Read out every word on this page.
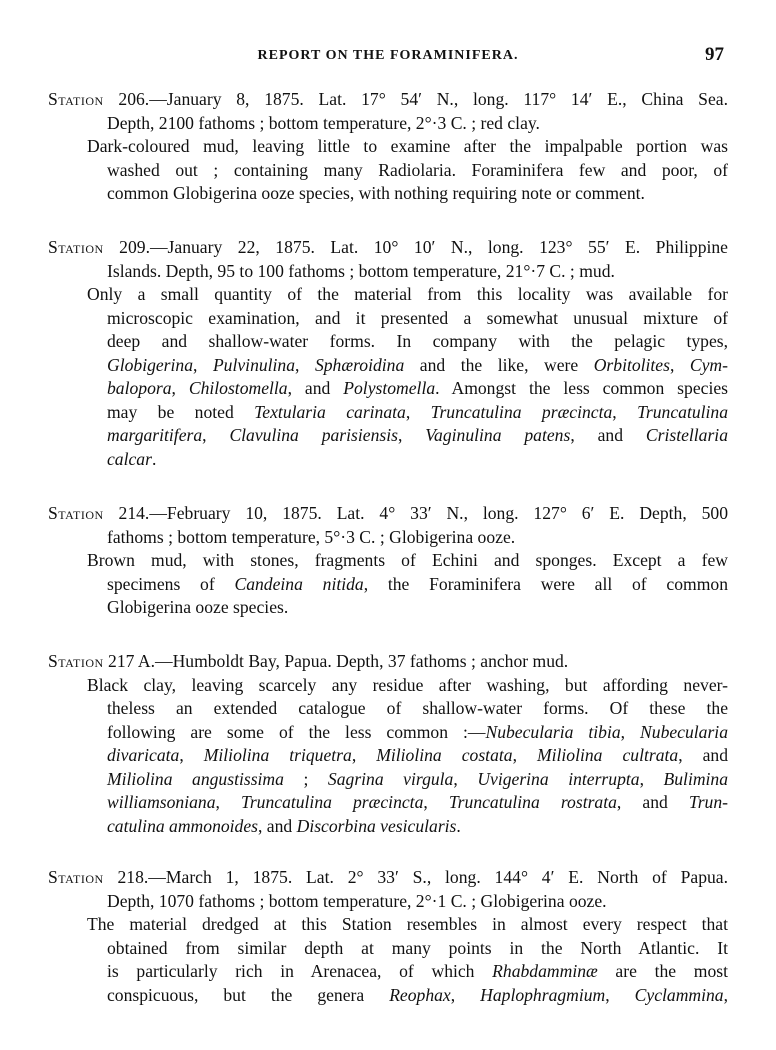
REPORT ON THE FORAMINIFERA.	97
Station 206.—January 8, 1875. Lat. 17° 54′ N., long. 117° 14′ E., China Sea.
Depth, 2100 fathoms ; bottom temperature, 2°·3 C. ; red clay.
Dark-coloured mud, leaving little to examine after the impalpable portion was
washed out ; containing many Radiolaria. Foraminifera few and poor, of
common Globigerina ooze species, with nothing requiring note or comment.
Station 209.—January 22, 1875. Lat. 10° 10′ N., long. 123° 55′ E. Philippine
Islands. Depth, 95 to 100 fathoms ; bottom temperature, 21°·7 C. ; mud.
Only a small quantity of the material from this locality was available for
microscopic examination, and it presented a somewhat unusual mixture of
deep and shallow-water forms. In company with the pelagic types,
Globigerina, Pulvinulina, Sphæroidina and the like, were Orbitolites, Cym-
balopora, Chilostomella, and Polystomella. Amongst the less common species
may be noted Textularia carinata, Truncatulina præcincta, Truncatulina
margaritifera, Clavulina parisiensis, Vaginulina patens, and Cristellaria
calcar.
Station 214.—February 10, 1875. Lat. 4° 33′ N., long. 127° 6′ E. Depth, 500
fathoms ; bottom temperature, 5°·3 C. ; Globigerina ooze.
Brown mud, with stones, fragments of Echini and sponges. Except a few
specimens of Candeina nitida, the Foraminifera were all of common
Globigerina ooze species.
Station 217 A.—Humboldt Bay, Papua. Depth, 37 fathoms ; anchor mud.
Black clay, leaving scarcely any residue after washing, but affording never-
theless an extended catalogue of shallow-water forms. Of these the
following are some of the less common :—Nubecularia tibia, Nubecularia
divaricata, Miliolina triquetra, Miliolina costata, Miliolina cultrata, and
Miliolina angustissima ; Sagrina virgula, Uvigerina interrupta, Bulimina
williamsoniana, Truncatulina præcincta, Truncatulina rostrata, and Trun-
catulina ammonoides, and Discorbina vesicularis.
Station 218.—March 1, 1875. Lat. 2° 33′ S., long. 144° 4′ E. North of Papua.
Depth, 1070 fathoms ; bottom temperature, 2°·1 C. ; Globigerina ooze.
The material dredged at this Station resembles in almost every respect that
obtained from similar depth at many points in the North Atlantic. It
is particularly rich in Arenacea, of which Rhabdamminæ are the most
conspicuous, but the genera Reophax, Haplophragmium, Cyclammina,
